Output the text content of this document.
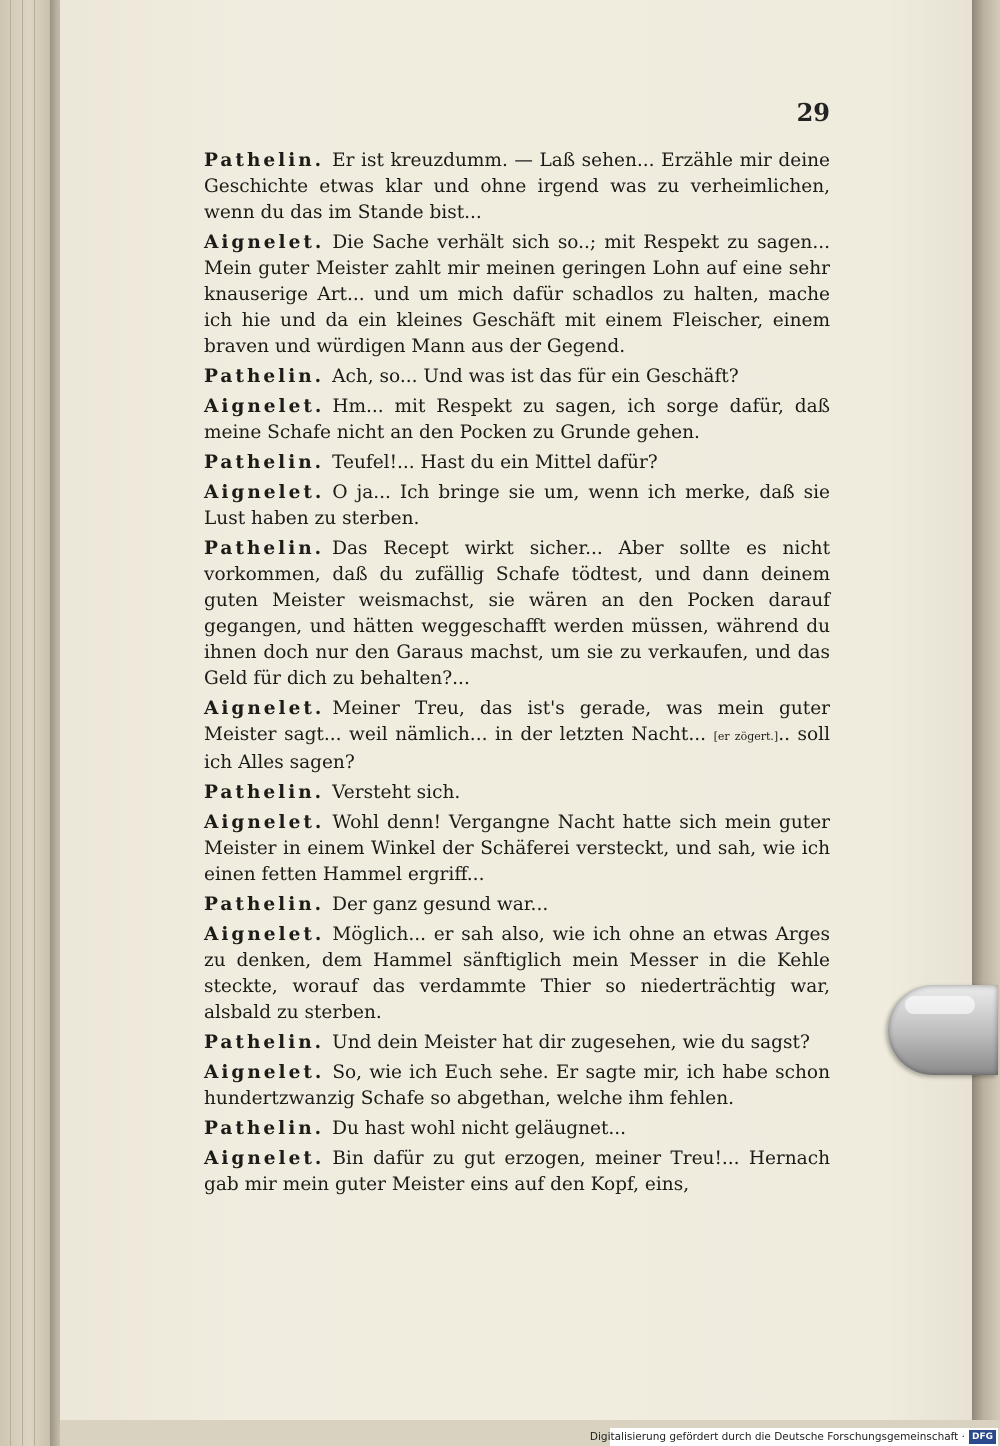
29

Pathelin. Er ist kreuzdumm. — Laß sehen... Erzähle mir deine Geschichte etwas klar und ohne irgend was zu verheimlichen, wenn du das im Stande bist...

Aignelet. Die Sache verhält sich so..; mit Respekt zu sagen... Mein guter Meister zahlt mir meinen geringen Lohn auf eine sehr knauserige Art... und um mich dafür schadlos zu halten, mache ich hie und da ein kleines Geschäft mit einem Fleischer, einem braven und würdigen Mann aus der Gegend.

Pathelin. Ach, so... Und was ist das für ein Geschäft?

Aignelet. Hm... mit Respekt zu sagen, ich sorge dafür, daß meine Schafe nicht an den Pocken zu Grunde gehen.

Pathelin. Teufel!... Hast du ein Mittel dafür?

Aignelet. O ja... Ich bringe sie um, wenn ich merke, daß sie Lust haben zu sterben.

Pathelin. Das Recept wirkt sicher... Aber sollte es nicht vorkommen, daß du zufällig Schafe tödtest, und dann deinem guten Meister weismachst, sie wären an den Pocken darauf gegangen, und hätten weggeschafft werden müssen, während du ihnen doch nur den Garaus machst, um sie zu verkaufen, und das Geld für dich zu behalten?...

Aignelet. Meiner Treu, das ist's gerade, was mein guter Meister sagt... weil nämlich... in der letzten Nacht... [er zögert.].. soll ich Alles sagen?

Pathelin. Versteht sich.

Aignelet. Wohl denn! Vergangne Nacht hatte sich mein guter Meister in einem Winkel der Schäferei versteckt, und sah, wie ich einen fetten Hammel ergriff...

Pathelin. Der ganz gesund war...

Aignelet. Möglich... er sah also, wie ich ohne an etwas Arges zu denken, dem Hammel sänftiglich mein Messer in die Kehle steckte, worauf das verdammte Thier so niederträchtig war, alsbald zu sterben.

Pathelin. Und dein Meister hat dir zugesehen, wie du sagst?

Aignelet. So, wie ich Euch sehe. Er sagte mir, ich habe schon hundertzwanzig Schafe so abgethan, welche ihm fehlen.

Pathelin. Du hast wohl nicht geläugnet...

Aignelet. Bin dafür zu gut erzogen, meiner Treu!... Hernach gab mir mein guter Meister eins auf den Kopf, eins,

Digitalisierung gefördert durch die Deutsche Forschungsgemeinschaft · DFG
